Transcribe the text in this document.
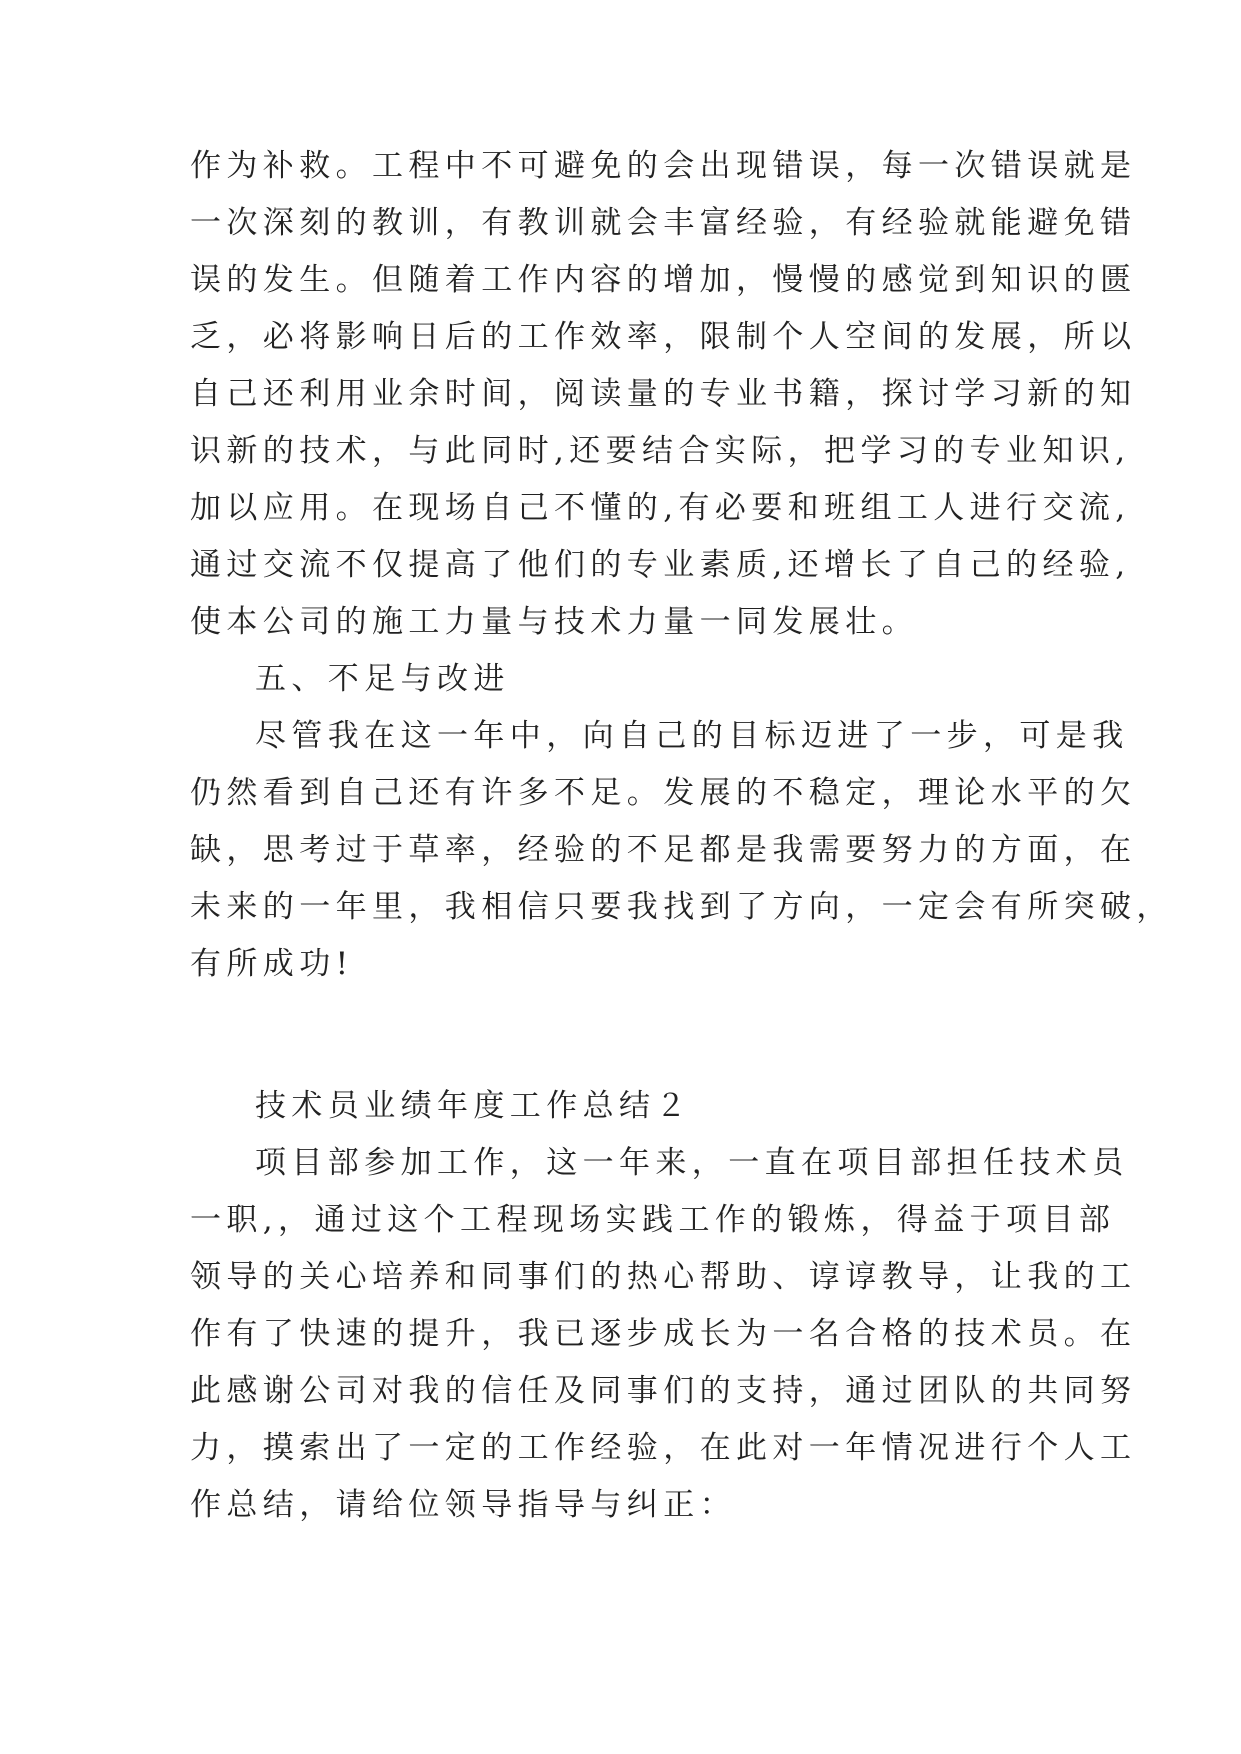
作为补救。工程中不可避免的会出现错误，每一次错误就是
一次深刻的教训，有教训就会丰富经验，有经验就能避免错
误的发生。但随着工作内容的增加，慢慢的感觉到知识的匮
乏，必将影响日后的工作效率，限制个人空间的发展，所以
自己还利用业余时间，阅读量的专业书籍，探讨学习新的知
识新的技术，与此同时,还要结合实际，把学习的专业知识,
加以应用。在现场自己不懂的,有必要和班组工人进行交流,
通过交流不仅提高了他们的专业素质,还增长了自己的经验,
使本公司的施工力量与技术力量一同发展壮。
五、不足与改进
尽管我在这一年中，向自己的目标迈进了一步，可是我
仍然看到自己还有许多不足。发展的不稳定，理论水平的欠
缺，思考过于草率，经验的不足都是我需要努力的方面，在
未来的一年里，我相信只要我找到了方向，一定会有所突破，
有所成功!
技术员业绩年度工作总结２
项目部参加工作，这一年来，一直在项目部担任技术员
一职,，通过这个工程现场实践工作的锻炼，得益于项目部
领导的关心培养和同事们的热心帮助、谆谆教导，让我的工
作有了快速的提升，我已逐步成长为一名合格的技术员。在
此感谢公司对我的信任及同事们的支持，通过团队的共同努
力，摸索出了一定的工作经验，在此对一年情况进行个人工
作总结，请给位领导指导与纠正：
